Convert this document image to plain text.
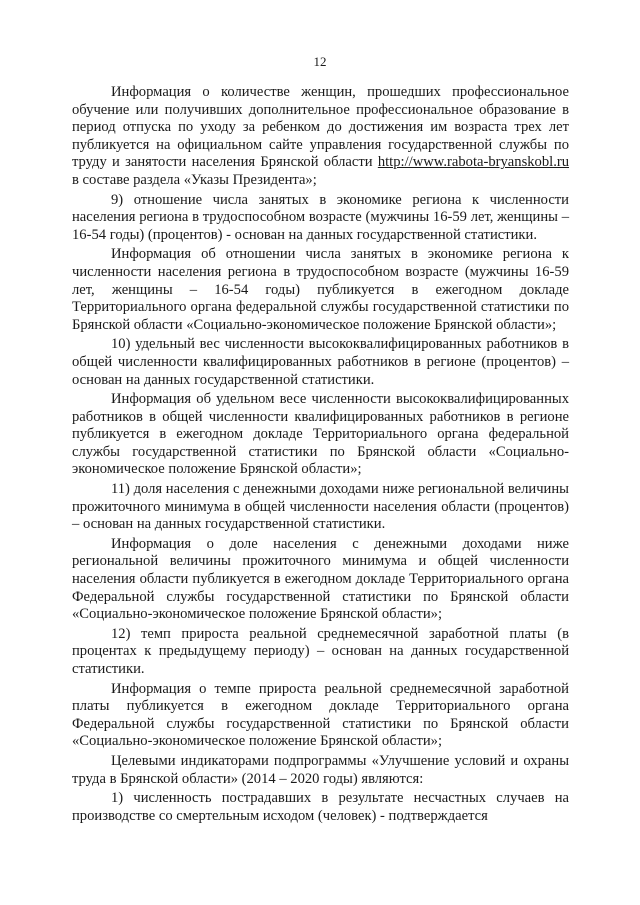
12

Информация о количестве женщин, прошедших профессиональное обучение или получивших дополнительное профессиональное образование в период отпуска по уходу за ребенком до достижения им возраста трех лет публикуется на официальном сайте управления государственной службы по труду и занятости населения Брянской области http://www.rabota-bryanskobl.ru в составе раздела «Указы Президента»;

9) отношение числа занятых в экономике региона к численности населения региона в трудоспособном возрасте (мужчины 16-59 лет, женщины – 16-54 годы) (процентов) - основан на данных государственной статистики.

Информация об отношении числа занятых в экономике региона к численности населения региона в трудоспособном возрасте (мужчины 16-59 лет, женщины – 16-54 годы) публикуется в ежегодном докладе Территориального органа федеральной службы государственной статистики по Брянской области «Социально-экономическое положение Брянской области»;

10) удельный вес численности высококвалифицированных работников в общей численности квалифицированных работников в регионе (процентов) – основан на данных государственной статистики.

Информация об удельном весе численности высококвалифицированных работников в общей численности квалифицированных работников в регионе публикуется в ежегодном докладе Территориального органа федеральной службы государственной статистики по Брянской области «Социально-экономическое положение Брянской области»;

11) доля населения с денежными доходами ниже региональной величины прожиточного минимума в общей численности населения области (процентов) – основан на данных государственной статистики.

Информация о доле населения с денежными доходами ниже региональной величины прожиточного минимума и общей численности населения области публикуется в ежегодном докладе Территориального органа Федеральной службы государственной статистики по Брянской области «Социально-экономическое положение Брянской области»;

12) темп прироста реальной среднемесячной заработной платы (в процентах к предыдущему периоду) – основан на данных государственной статистики.

Информация о темпе прироста реальной среднемесячной заработной платы публикуется в ежегодном докладе Территориального органа Федеральной службы государственной статистики по Брянской области «Социально-экономическое положение Брянской области»;

Целевыми индикаторами подпрограммы «Улучшение условий и охраны труда в Брянской области» (2014 – 2020 годы) являются:

1) численность пострадавших в результате несчастных случаев на производстве со смертельным исходом (человек) - подтверждается
